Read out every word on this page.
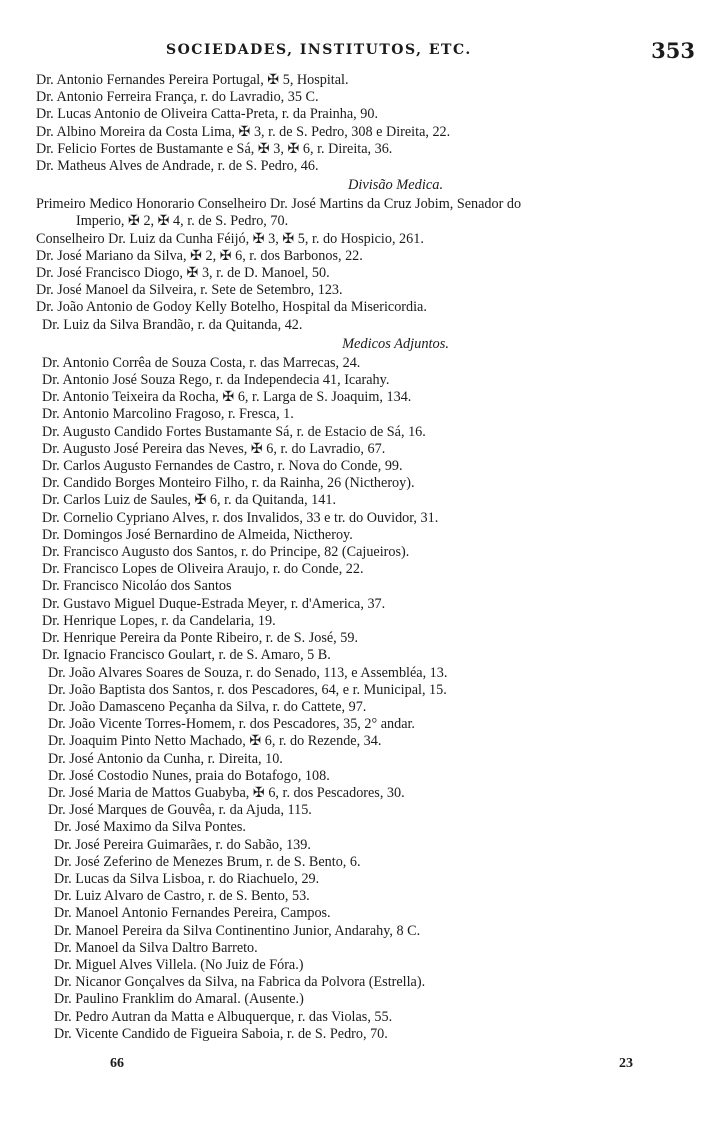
SOCIEDADES, INSTITUTOS, ETC.	353
Dr. Antonio Fernandes Pereira Portugal, ✠ 5, Hospital.
Dr. Antonio Ferreira França, r. do Lavradio, 35 C.
Dr. Lucas Antonio de Oliveira Catta-Preta, r. da Prainha, 90.
Dr. Albino Moreira da Costa Lima, ✠ 3, r. de S. Pedro, 308 e Direita, 22.
Dr. Felicio Fortes de Bustamante e Sá, ✠ 3, ✠ 6, r. Direita, 36.
Dr. Matheus Alves de Andrade, r. de S. Pedro, 46.
Divisão Medica.
Primeiro Medico Honorario Conselheiro Dr. José Martins da Cruz Jobim, Senador do
Imperio, ✠ 2, ✠ 4, r. de S. Pedro, 70.
Conselheiro Dr. Luiz da Cunha Féijó, ✠ 3, ✠ 5, r. do Hospicio, 261.
Dr. José Mariano da Silva, ✠ 2, ✠ 6, r. dos Barbonos, 22.
Dr. José Francisco Diogo, ✠ 3, r. de D. Manoel, 50.
Dr. José Manoel da Silveira, r. Sete de Setembro, 123.
Dr. João Antonio de Godoy Kelly Botelho, Hospital da Misericordia.
Dr. Luiz da Silva Brandão, r. da Quitanda, 42.
Medicos Adjuntos.
Dr. Antonio Corrêa de Souza Costa, r. das Marrecas, 24.
Dr. Antonio José Souza Rego, r. da Independecia 41, Icarahy.
Dr. Antonio Teixeira da Rocha, ✠ 6, r. Larga de S. Joaquim, 134.
Dr. Antonio Marcolino Fragoso, r. Fresca, 1.
Dr. Augusto Candido Fortes Bustamante Sá, r. de Estacio de Sá, 16.
Dr. Augusto José Pereira das Neves, ✠ 6, r. do Lavradio, 67.
Dr. Carlos Augusto Fernandes de Castro, r. Nova do Conde, 99.
Dr. Candido Borges Monteiro Filho, r. da Rainha, 26 (Nictheroy).
Dr. Carlos Luiz de Saules, ✠ 6, r. da Quitanda, 141.
Dr. Cornelio Cypriano Alves, r. dos Invalidos, 33 e tr. do Ouvidor, 31.
Dr. Domingos José Bernardino de Almeida, Nictheroy.
Dr. Francisco Augusto dos Santos, r. do Principe, 82 (Cajueiros).
Dr. Francisco Lopes de Oliveira Araujo, r. do Conde, 22.
Dr. Francisco Nicoláo dos Santos
Dr. Gustavo Miguel Duque-Estrada Meyer, r. d'America, 37.
Dr. Henrique Lopes, r. da Candelaria, 19.
Dr. Henrique Pereira da Ponte Ribeiro, r. de S. José, 59.
Dr. Ignacio Francisco Goulart, r. de S. Amaro, 5 B.
Dr. João Alvares Soares de Souza, r. do Senado, 113, e Assembléa, 13.
Dr. João Baptista dos Santos, r. dos Pescadores, 64, e r. Municipal, 15.
Dr. João Damasceno Peçanha da Silva, r. do Cattete, 97.
Dr. João Vicente Torres-Homem, r. dos Pescadores, 35, 2° andar.
Dr. Joaquim Pinto Netto Machado, ✠ 6, r. do Rezende, 34.
Dr. José Antonio da Cunha, r. Direita, 10.
Dr. José Costodio Nunes, praia do Botafogo, 108.
Dr. José Maria de Mattos Guabyba, ✠ 6, r. dos Pescadores, 30.
Dr. José Marques de Gouvêa, r. da Ajuda, 115.
Dr. José Maximo da Silva Pontes.
Dr. José Pereira Guimarães, r. do Sabão, 139.
Dr. José Zeferino de Menezes Brum, r. de S. Bento, 6.
Dr. Lucas da Silva Lisboa, r. do Riachuelo, 29.
Dr. Luiz Alvaro de Castro, r. de S. Bento, 53.
Dr. Manoel Antonio Fernandes Pereira, Campos.
Dr. Manoel Pereira da Silva Continentino Junior, Andarahy, 8 C.
Dr. Manoel da Silva Daltro Barreto.
Dr. Miguel Alves Villela. (No Juiz de Fóra.)
Dr. Nicanor Gonçalves da Silva, na Fabrica da Polvora (Estrella).
Dr. Paulino Franklim do Amaral. (Ausente.)
Dr. Pedro Autran da Matta e Albuquerque, r. das Violas, 55.
Dr. Vicente Candido de Figueira Saboia, r. de S. Pedro, 70.
66	23
